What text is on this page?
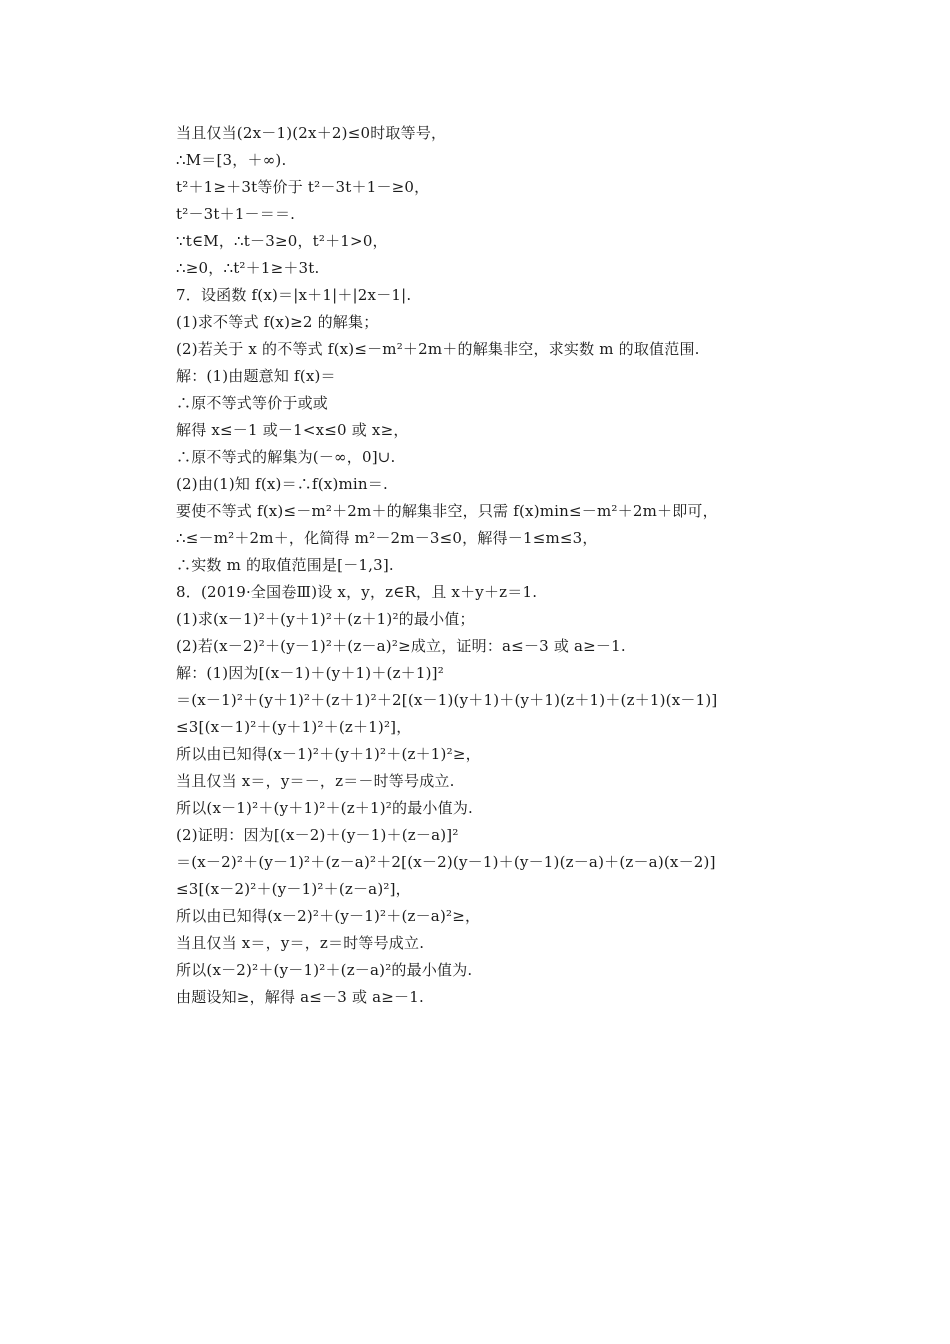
当且仅当(2x－1)(2x＋2)≤0时取等号，
∴M＝[3，＋∞).
t²＋1≥＋3t等价于 t²－3t＋1－≥0，
t²－3t＋1－＝＝.
∵t∈M，∴t－3≥0，t²＋1>0，
∴≥0，∴t²＋1≥＋3t.
7．设函数 f(x)＝|x＋1|＋|2x－1|.
(1)求不等式 f(x)≥2 的解集；
(2)若关于 x 的不等式 f(x)≤－m²＋2m＋的解集非空，求实数 m 的取值范围.
解：(1)由题意知 f(x)＝
∴原不等式等价于或或
解得 x≤－1 或－1<x≤0 或 x≥，
∴原不等式的解集为(－∞，0]∪.
(2)由(1)知 f(x)＝∴f(x)min＝.
要使不等式 f(x)≤－m²＋2m＋的解集非空，只需 f(x)min≤－m²＋2m＋即可，
∴≤－m²＋2m＋，化简得 m²－2m－3≤0，解得－1≤m≤3，
∴实数 m 的取值范围是[－1,3].
8．(2019·全国卷Ⅲ)设 x，y，z∈R，且 x＋y＋z＝1.
(1)求(x－1)²＋(y＋1)²＋(z＋1)²的最小值；
(2)若(x－2)²＋(y－1)²＋(z－a)²≥成立，证明：a≤－3 或 a≥－1.
解：(1)因为[(x－1)＋(y＋1)＋(z＋1)]²
＝(x－1)²＋(y＋1)²＋(z＋1)²＋2[(x－1)(y＋1)＋(y＋1)(z＋1)＋(z＋1)(x－1)]
≤3[(x－1)²＋(y＋1)²＋(z＋1)²]，
所以由已知得(x－1)²＋(y＋1)²＋(z＋1)²≥，
当且仅当 x＝，y＝－，z＝－时等号成立.
所以(x－1)²＋(y＋1)²＋(z＋1)²的最小值为.
(2)证明：因为[(x－2)＋(y－1)＋(z－a)]²
＝(x－2)²＋(y－1)²＋(z－a)²＋2[(x－2)(y－1)＋(y－1)(z－a)＋(z－a)(x－2)]
≤3[(x－2)²＋(y－1)²＋(z－a)²]，
所以由已知得(x－2)²＋(y－1)²＋(z－a)²≥，
当且仅当 x＝，y＝，z＝时等号成立.
所以(x－2)²＋(y－1)²＋(z－a)²的最小值为.
由题设知≥，解得 a≤－3 或 a≥－1.
